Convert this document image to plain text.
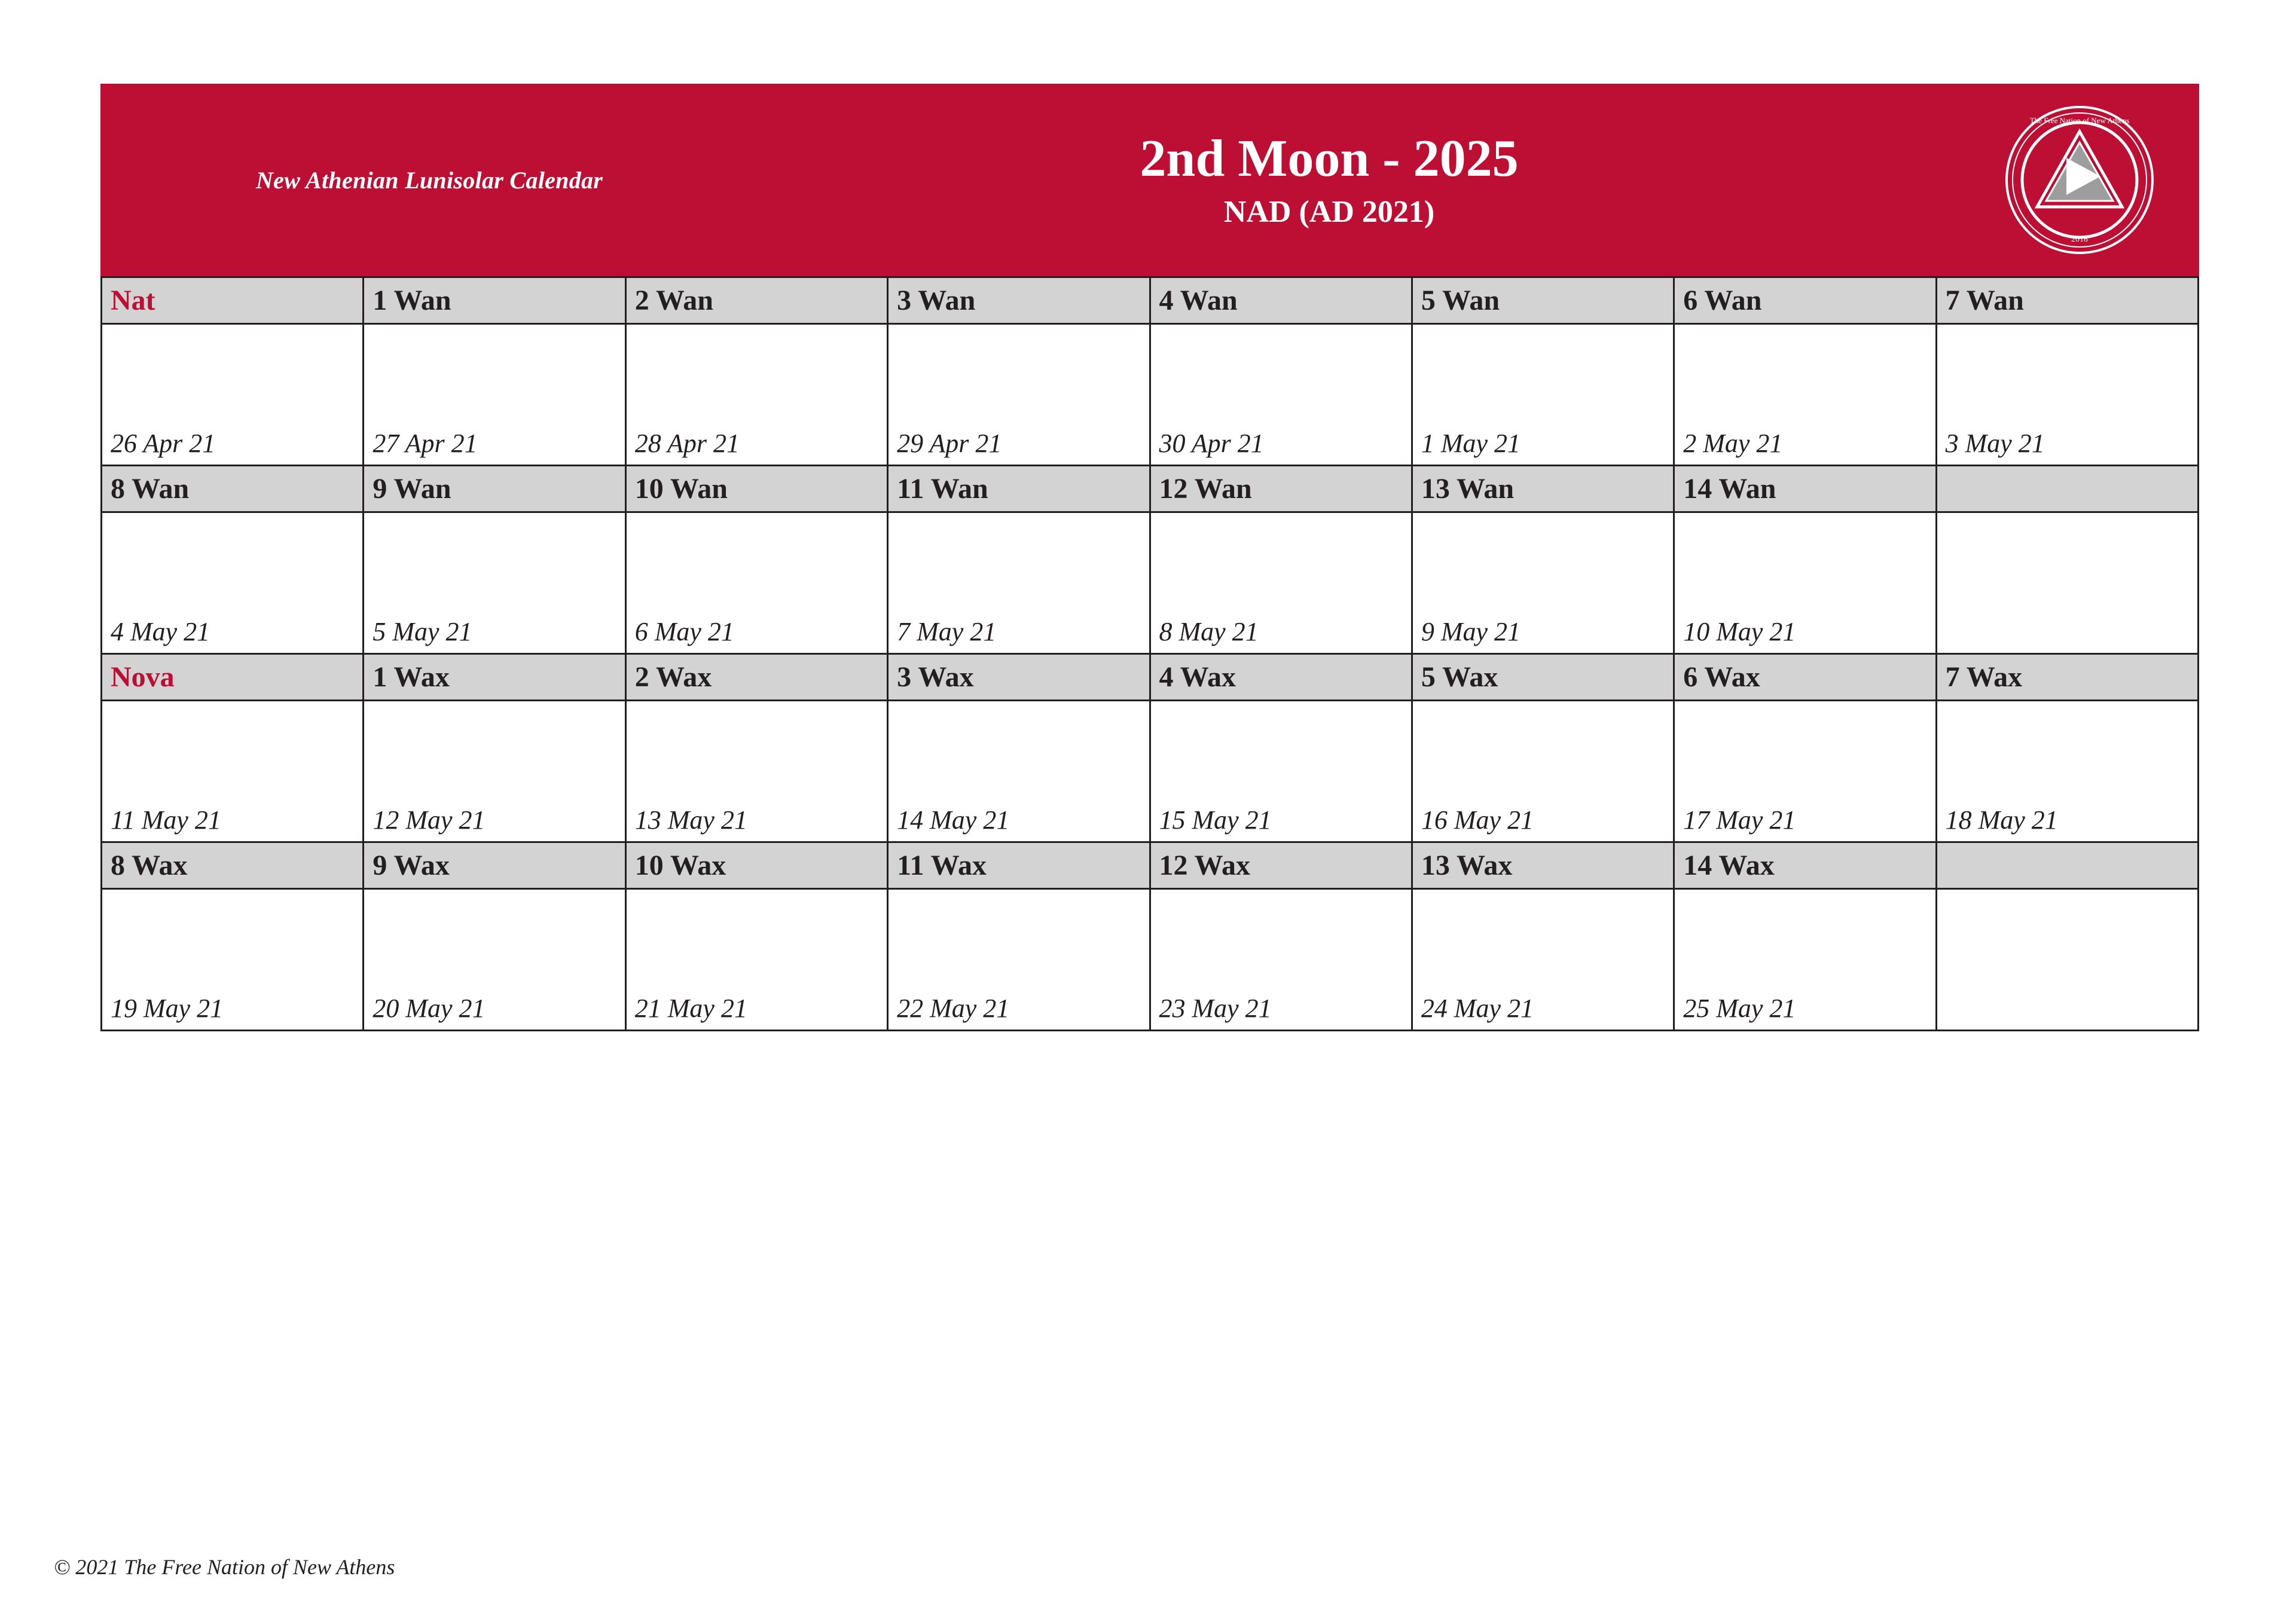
New Athenian Lunisolar Calendar	2nd Moon - 2025
NAD (AD 2021)
2018
The Free Nation of New Athens
Nat	1 Wan	2 Wan	3 Wan	4 Wan	5 Wan	6 Wan	7 Wan
26 Apr 21	27 Apr 21	28 Apr 21	29 Apr 21	30 Apr 21	1 May 21	2 May 21	3 May 21
8 Wan	9 Wan	10 Wan	11 Wan	12 Wan	13 Wan	14 Wan
4 May 21	5 May 21	6 May 21	7 May 21	8 May 21	9 May 21	10 May 21
Nova	1 Wax	2 Wax	3 Wax	4 Wax	5 Wax	6 Wax	7 Wax
11 May 21	12 May 21	13 May 21	14 May 21	15 May 21	16 May 21	17 May 21	18 May 21
8 Wax	9 Wax	10 Wax	11 Wax	12 Wax	13 Wax	14 Wax
19 May 21	20 May 21	21 May 21	22 May 21	23 May 21	24 May 21	25 May 21
© 2021 The Free Nation of New Athens
